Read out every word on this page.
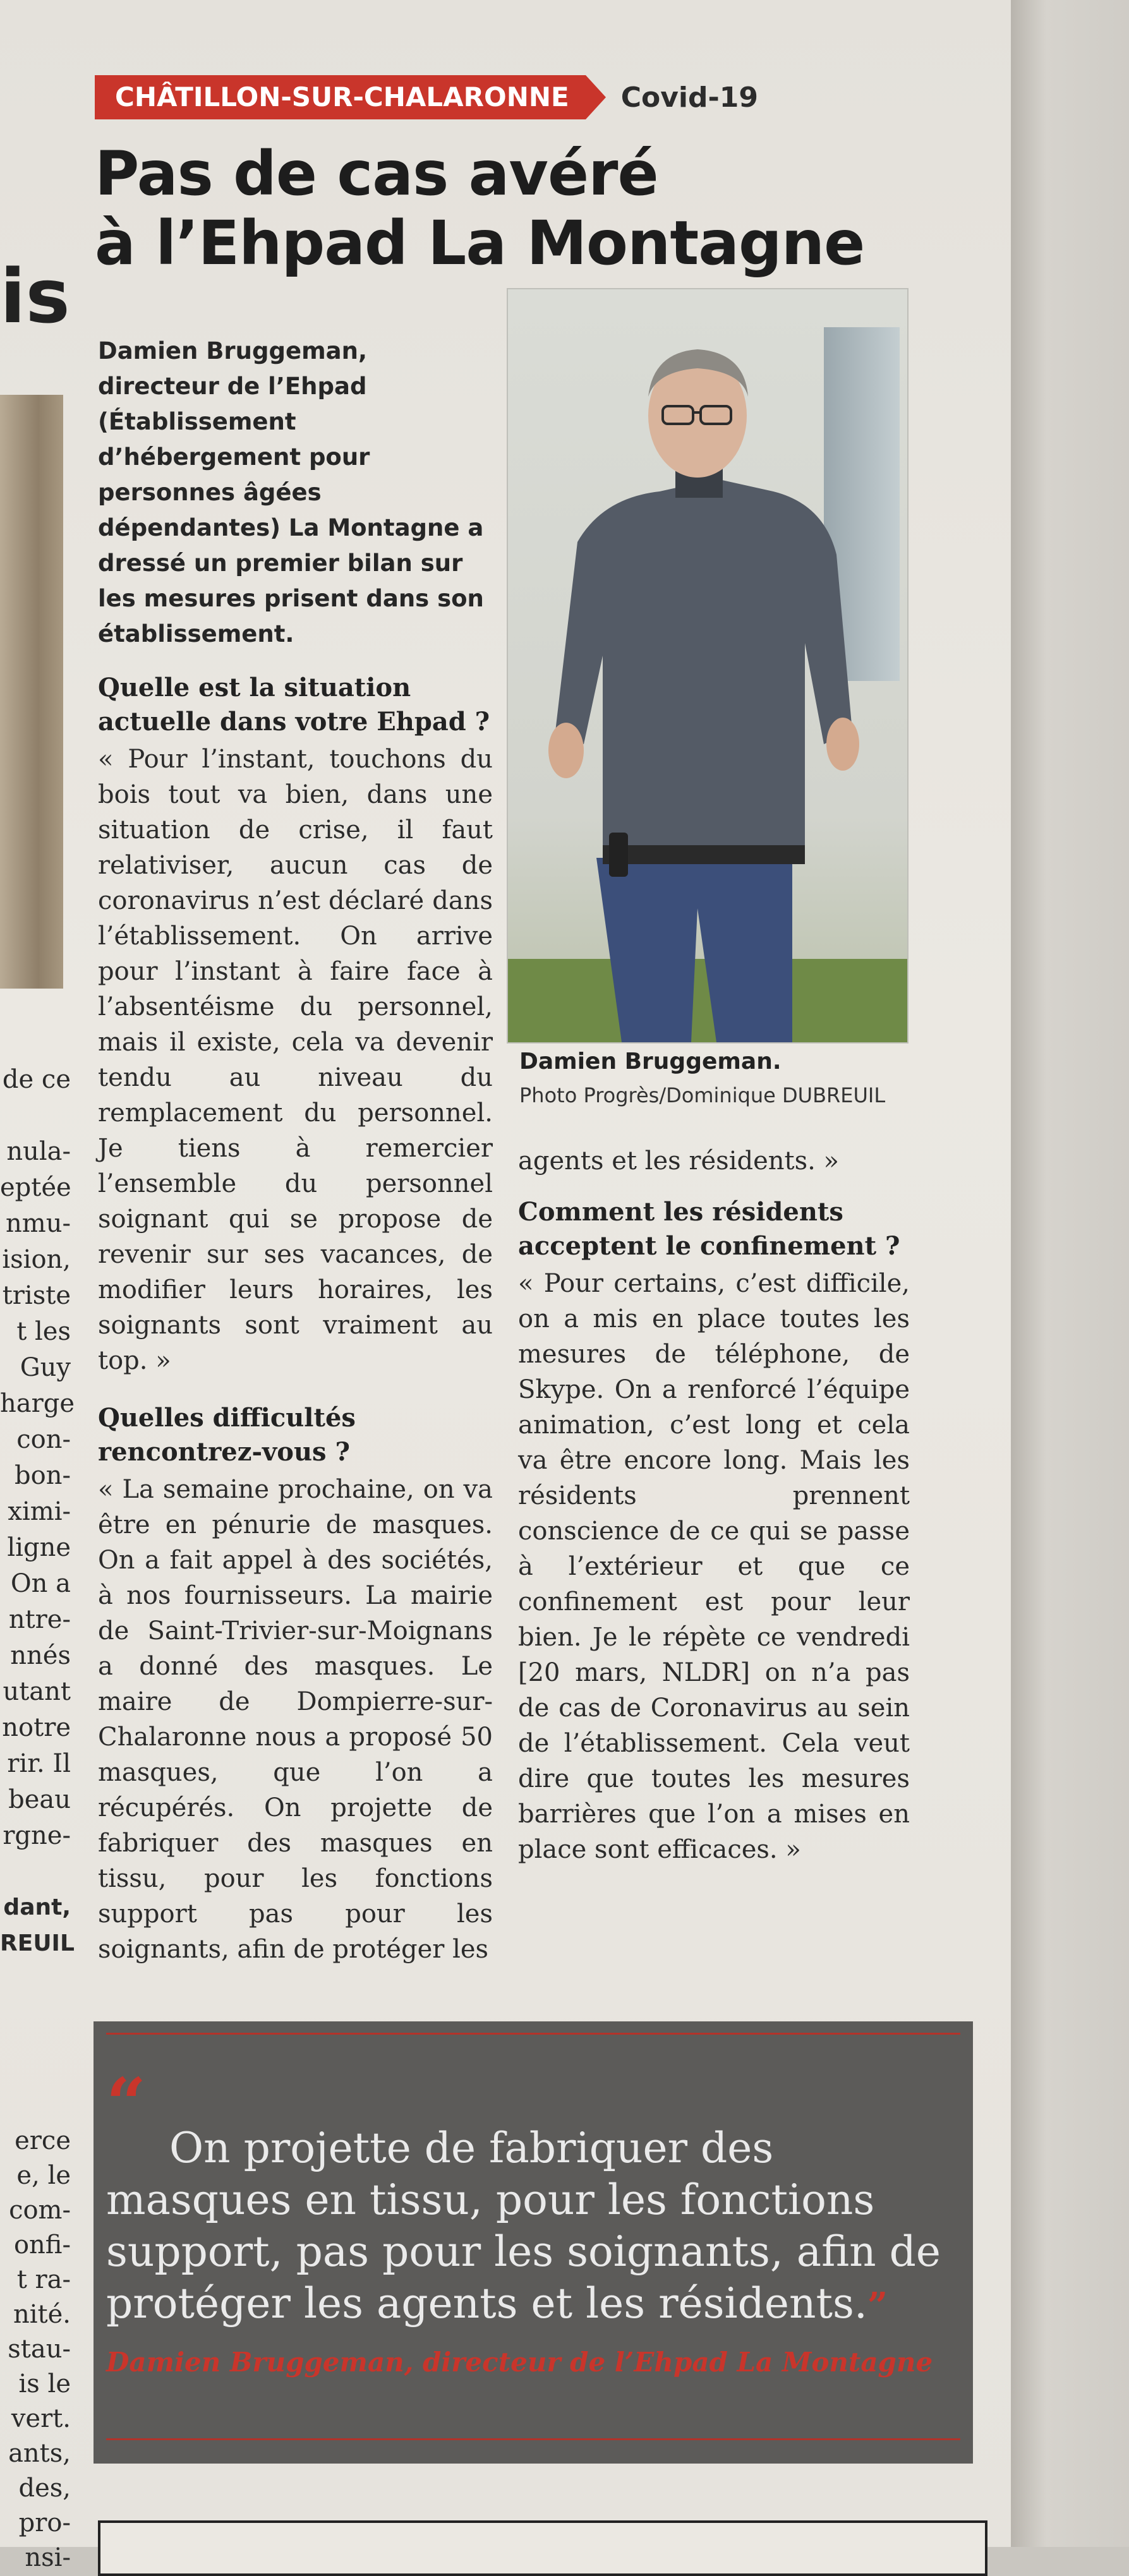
is
de ce
nula-
eptée
nmu-
ision,
triste
t les
Guy
harge
con-
bon-
ximi-
ligne
On a
ntre-
nnés
utant
notre
rir. Il
beau
rgne-
dant,
REUIL
erce
e, le
com-
onfi-
t ra-
nité.
stau-
is le
vert.
ants,
des,
pro-
nsi-
CHÂTILLON-SUR-CHALARONNE	Covid-19
Pas de cas avéré
à l’Ehpad La Montagne

Damien Bruggeman, directeur de l’Ehpad (Établissement d’hébergement pour personnes âgées dépendantes) La Montagne a dressé un premier bilan sur les mesures prisent dans son établissement.

Quelle est la situation actuelle dans votre Ehpad ?

« Pour l’instant, touchons du bois tout va bien, dans une situation de crise, il faut relativiser, aucun cas de coronavirus n’est déclaré dans l’établissement. On arrive pour l’instant à faire face à l’absentéisme du personnel, mais il existe, cela va devenir tendu au niveau du remplacement du personnel. Je tiens à remercier l’ensemble du personnel soignant qui se propose de revenir sur ses vacances, de modifier leurs horaires, les soignants sont vraiment au top. »

Quelles difficultés rencontrez-vous ?

« La semaine prochaine, on va être en pénurie de masques. On a fait appel à des sociétés, à nos fournisseurs. La mairie de Saint-Trivier-sur-Moignans a donné des masques. Le maire de Dompierre-sur-Chalaronne nous a proposé 50 masques, que l’on a récupérés. On projette de fabriquer des masques en tissu, pour les fonctions support pas pour les soignants, afin de protéger les

Damien Bruggeman.
Photo Progrès/Dominique DUBREUIL

agents et les résidents. »

Comment les résidents acceptent le confinement ?

« Pour certains, c’est difficile, on a mis en place toutes les mesures de téléphone, de Skype. On a renforcé l’équipe animation, c’est long et cela va être encore long. Mais les résidents prennent conscience de ce qui se passe à l’extérieur et que ce confinement est pour leur bien. Je le répète ce vendredi [20 mars, NLDR] on n’a pas de cas de Coronavirus au sein de l’établissement. Cela veut dire que toutes les mesures barrières que l’on a mises en place sont efficaces. »

“

On projette de fabriquer des masques en tissu, pour les fonctions support, pas pour les soignants, afin de protéger les agents et les résidents.”

Damien Bruggeman, directeur de l’Ehpad La Montagne
